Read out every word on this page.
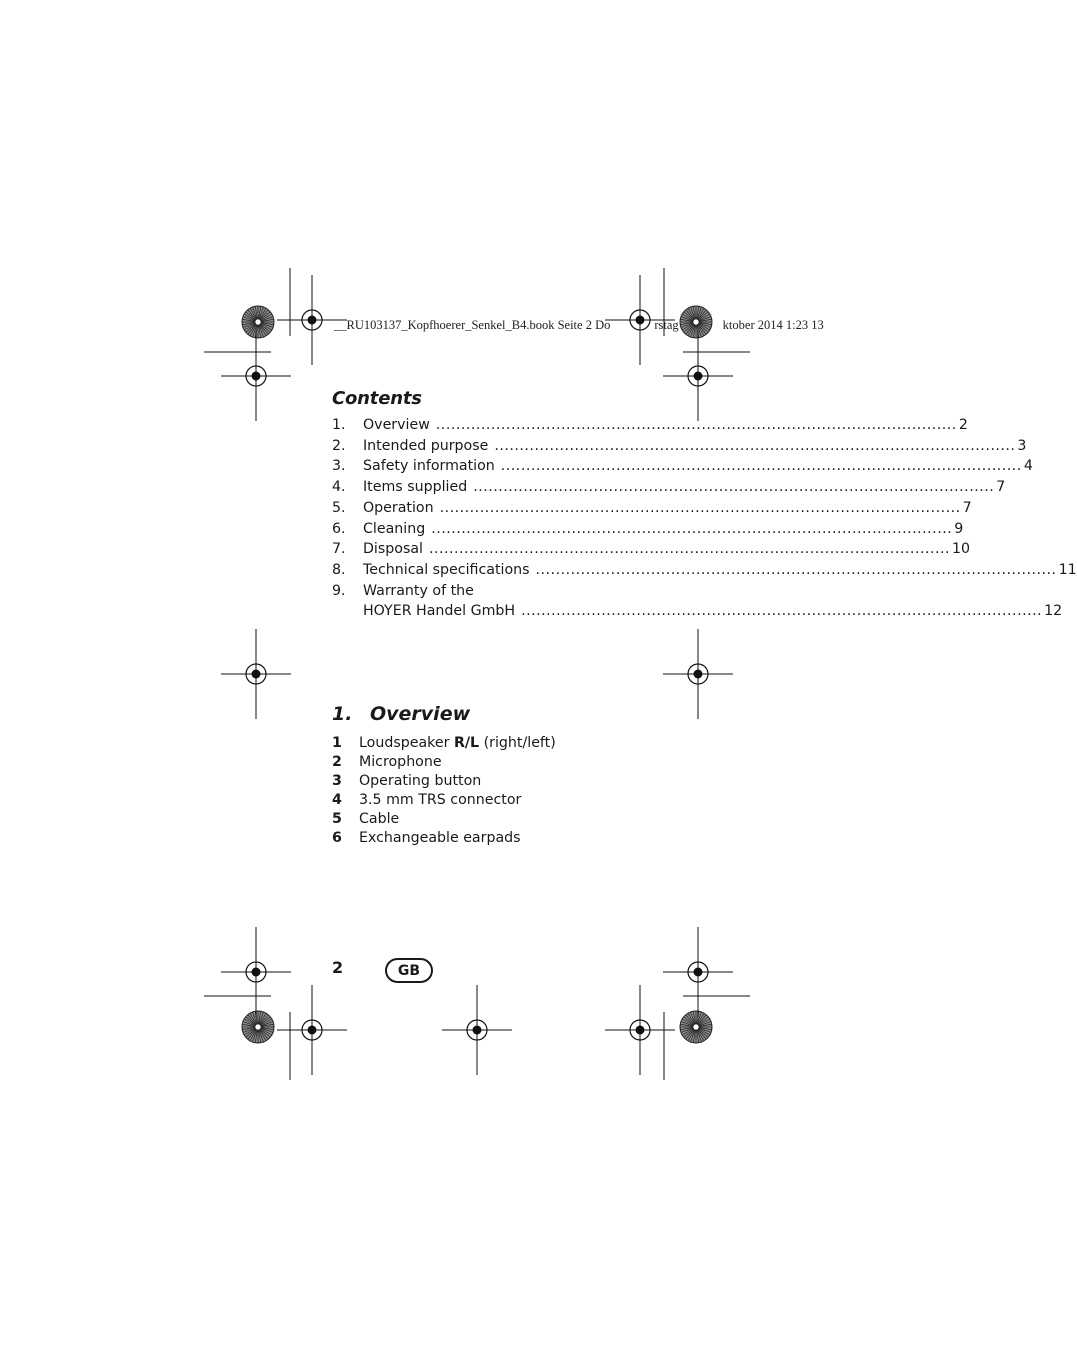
__RU103137_Kopfhoerer_Senkel_B4.book Seite 2 Do	rstag	ktober 2014 1:23 13
Contents
1.	Overview .....	2
2.	Intended purpose .....	3
3.	Safety information .....	4
4.	Items supplied .....	7
5.	Operation .....	7
6.	Cleaning .....	9
7.	Disposal .....	10
8.	Technical specifications .....	11
9.	Warranty of the
HOYER Handel GmbH .....	12
1. Overview
1	Loudspeaker R/L (right/left)
2	Microphone
3	Operating button
4	3.5 mm TRS connector
5	Cable
6	Exchangeable earpads
2	GB
